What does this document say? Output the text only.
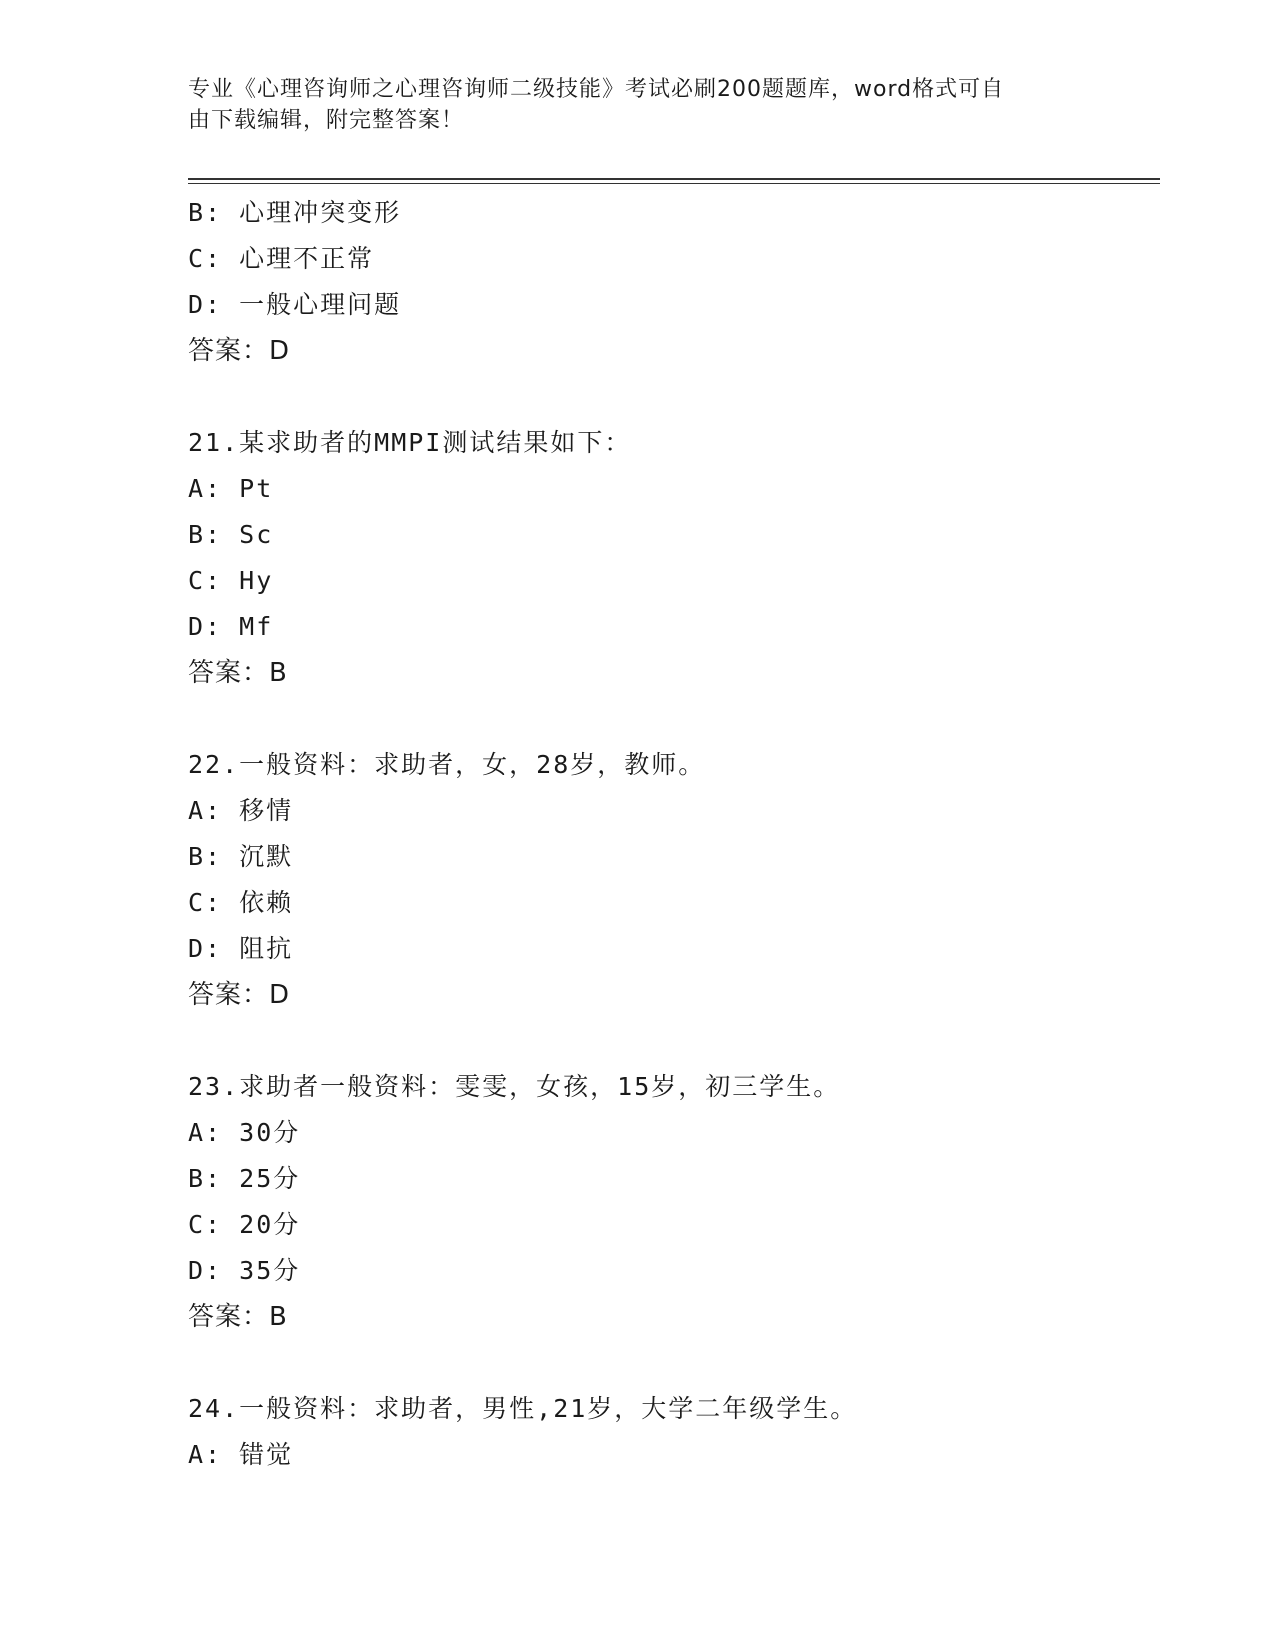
专业《心理咨询师之心理咨询师二级技能》考试必刷200题题库，word格式可自
由下载编辑，附完整答案！
B: 心理冲突变形
C: 心理不正常
D: 一般心理问题
答案：D
21.某求助者的MMPI测试结果如下：
A: Pt
B: Sc
C: Hy
D: Mf
答案：B
22.一般资料：求助者，女，28岁，教师。
A: 移情
B: 沉默
C: 依赖
D: 阻抗
答案：D
23.求助者一般资料：雯雯，女孩，15岁，初三学生。
A: 30分
B: 25分
C: 20分
D: 35分
答案：B
24.一般资料：求助者，男性,21岁，大学二年级学生。
A: 错觉
